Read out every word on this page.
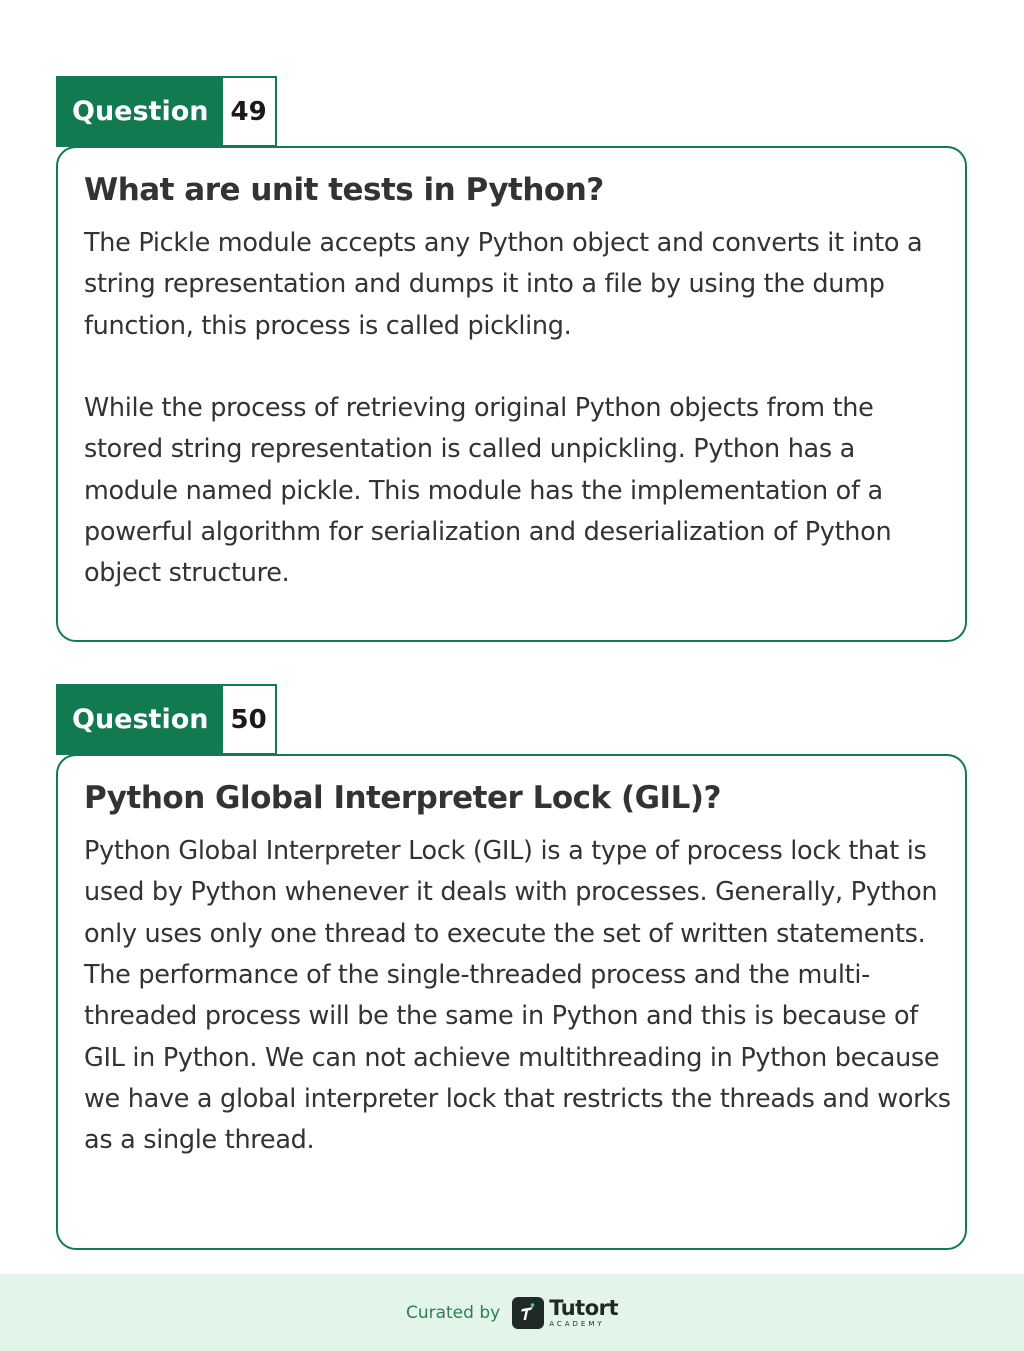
Question 49
What are unit tests in Python?

The Pickle module accepts any Python object and converts it into a string representation and dumps it into a file by using the dump function, this process is called pickling.

While the process of retrieving original Python objects from the stored string representation is called unpickling. Python has a module named pickle. This module has the implementation of a powerful algorithm for serialization and deserialization of Python object structure.

Question 50
Python Global Interpreter Lock (GIL)?

Python Global Interpreter Lock (GIL) is a type of process lock that is used by Python whenever it deals with processes. Generally, Python only uses only one thread to execute the set of written statements. The performance of the single-threaded process and the multi-threaded process will be the same in Python and this is because of GIL in Python. We can not achieve multithreading in Python because we have a global interpreter lock that restricts the threads and works as a single thread.

Curated by Tutort
ACADEMY
